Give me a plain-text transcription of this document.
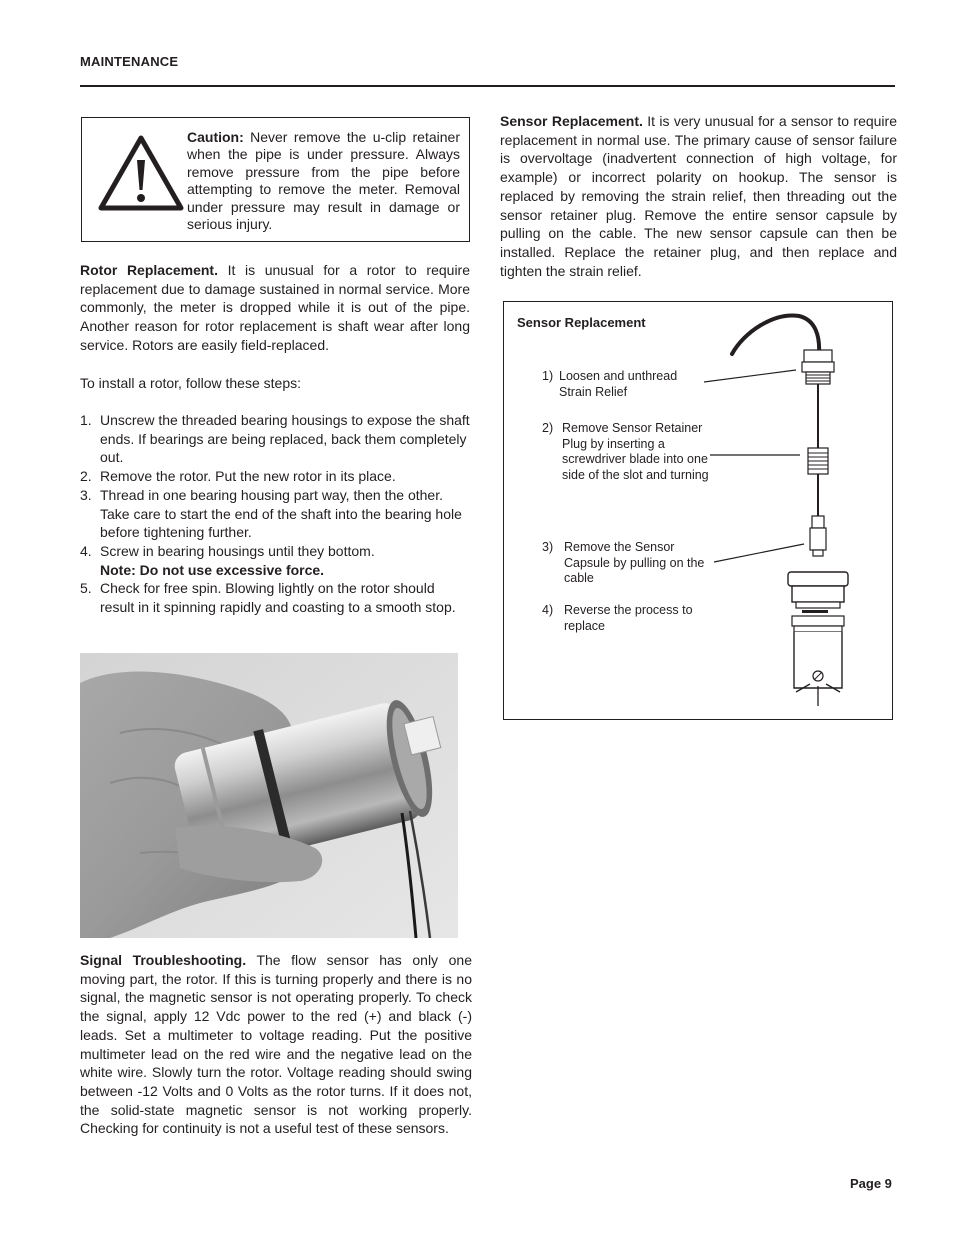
MAINTENANCE
Caution: Never remove the u-clip retainer when the pipe is under pressure. Always remove pressure from the pipe before attempting to remove the meter. Removal under pressure may result in damage or serious injury.
Rotor Replacement. It is unusual for a rotor to require replacement due to damage sustained in normal service. More commonly, the meter is dropped while it is out of the pipe. Another reason for rotor replacement is shaft wear after long service. Rotors are easily field-replaced.
To install a rotor, follow these steps:
1. Unscrew the threaded bearing housings to expose the shaft ends. If bearings are being replaced, back them completely out.
2. Remove the rotor. Put the new rotor in its place.
3. Thread in one bearing housing part way, then the other. Take care to start the end of the shaft into the bearing hole before tightening further.
4. Screw in bearing housings until they bottom.
Note: Do not use excessive force.
5. Check for free spin. Blowing lightly on the rotor should result in it spinning rapidly and coasting to a smooth stop.
Signal Troubleshooting. The flow sensor has only one moving part, the rotor. If this is turning properly and there is no signal, the magnetic sensor is not operating properly. To check the signal, apply 12 Vdc power to the red (+) and black (-) leads. Set a multimeter to voltage reading. Put the positive multimeter lead on the red wire and the negative lead on the white wire. Slowly turn the rotor. Voltage reading should swing between -12 Volts and 0 Volts as the rotor turns. If it does not, the solid-state magnetic sensor is not working properly. Checking for continuity is not a useful test of these sensors.
Sensor Replacement. It is very unusual for a sensor to require replacement in normal use. The primary cause of sensor failure is overvoltage (inadvertent connection of high voltage, for example) or incorrect polarity on hookup. The sensor is replaced by removing the strain relief, then threading out the sensor retainer plug. Remove the entire sensor capsule by pulling on the cable. The new sensor capsule can then be installed. Replace the retainer plug, and then replace and tighten the strain relief.
Sensor Replacement
1) Loosen and unthread Strain Relief
2) Remove Sensor Retainer Plug by inserting a screwdriver blade into one side of the slot and turning
3) Remove the Sensor Capsule by pulling on the cable
4) Reverse the process to replace
Page 9
